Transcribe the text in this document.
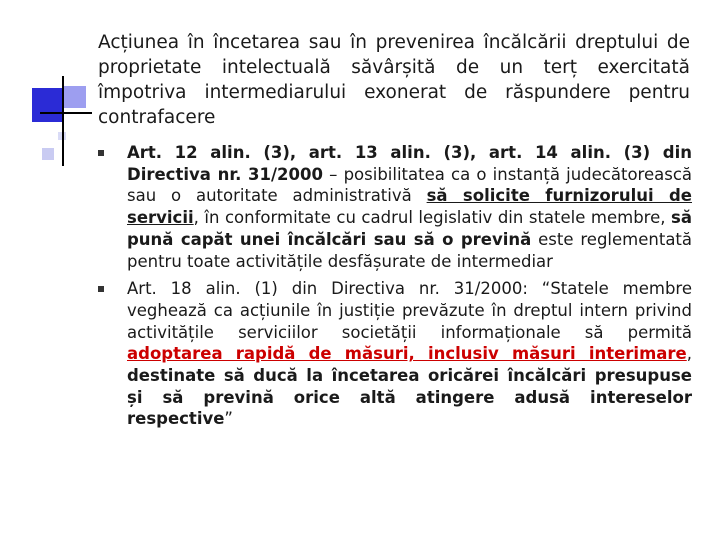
Acțiunea în încetarea sau în prevenirea încălcării dreptului de proprietate intelectuală săvârșită de un terț exercitată împotriva intermediarului exonerat de răspundere pentru contrafacere
Art. 12 alin. (3), art. 13 alin. (3), art. 14 alin. (3) din Directiva nr. 31/2000 – posibilitatea ca o instanță judecătorească sau o autoritate administrativă să solicite furnizorului de servicii, în conformitate cu cadrul legislativ din statele membre, să pună capăt unei încălcări sau să o prevină este reglementată pentru toate activitățile desfășurate de intermediar
Art. 18 alin. (1) din Directiva nr. 31/2000: “Statele membre veghează ca acțiunile în justiție prevăzute în dreptul intern privind activitățile serviciilor societății informaționale să permită adoptarea rapidă de măsuri, inclusiv măsuri interimare, destinate să ducă la încetarea oricărei încălcări presupuse și să prevină orice altă atingere adusă intereselor respective”
